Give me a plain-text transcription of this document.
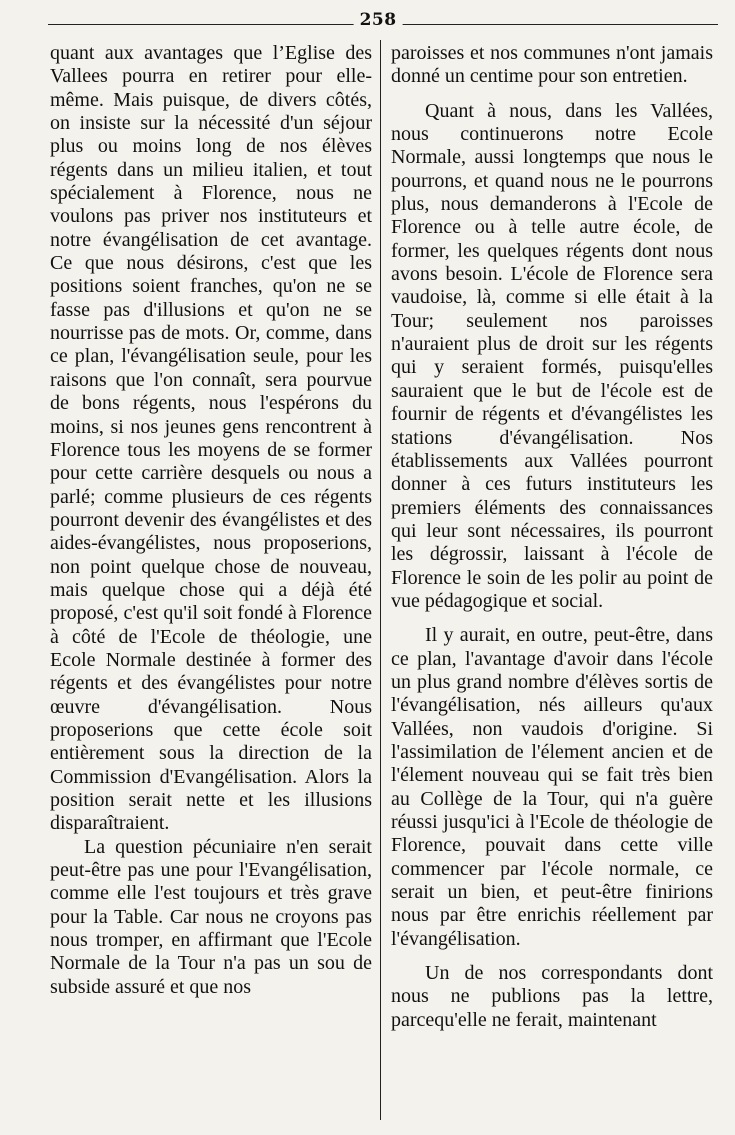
258

quant aux avantages que l’Eglise des Vallees pourra en retirer pour elle-même. Mais puisque, de divers côtés, on insiste sur la nécessité d'un séjour plus ou moins long de nos élèves régents dans un milieu italien, et tout spécialement à Florence, nous ne voulons pas priver nos instituteurs et notre évangélisation de cet avantage. Ce que nous désirons, c'est que les positions soient franches, qu'on ne se fasse pas d'illusions et qu'on ne se nourrisse pas de mots. Or, comme, dans ce plan, l'évangélisation seule, pour les raisons que l'on connaît, sera pourvue de bons régents, nous l'espérons du moins, si nos jeunes gens rencontrent à Florence tous les moyens de se former pour cette carrière desquels ou nous a parlé; comme plusieurs de ces régents pourront devenir des évangélistes et des aides-évangélistes, nous proposerions, non point quelque chose de nouveau, mais quelque chose qui a déjà été proposé, c'est qu'il soit fondé à Florence à côté de l'Ecole de théologie, une Ecole Normale destinée à former des régents et des évangélistes pour notre œuvre d'évangélisation. Nous proposerions que cette école soit entièrement sous la direction de la Commission d'Evangélisation. Alors la position serait nette et les illusions disparaîtraient.

La question pécuniaire n'en serait peut-être pas une pour l'Evangélisation, comme elle l'est toujours et très grave pour la Table. Car nous ne croyons pas nous tromper, en affirmant que l'Ecole Normale de la Tour n'a pas un sou de subside assuré et que nos

paroisses et nos communes n'ont jamais donné un centime pour son entretien.

Quant à nous, dans les Vallées, nous continuerons notre Ecole Normale, aussi longtemps que nous le pourrons, et quand nous ne le pourrons plus, nous demanderons à l'Ecole de Florence ou à telle autre école, de former, les quelques régents dont nous avons besoin. L'école de Florence sera vaudoise, là, comme si elle était à la Tour; seulement nos paroisses n'auraient plus de droit sur les régents qui y seraient formés, puisqu'elles sauraient que le but de l'école est de fournir de régents et d'évangélistes les stations d'évangélisation. Nos établissements aux Vallées pourront donner à ces futurs instituteurs les premiers éléments des connaissances qui leur sont nécessaires, ils pourront les dégrossir, laissant à l'école de Florence le soin de les polir au point de vue pédagogique et social.

Il y aurait, en outre, peut-être, dans ce plan, l'avantage d'avoir dans l'école un plus grand nombre d'élèves sortis de l'évangélisation, nés ailleurs qu'aux Vallées, non vaudois d'origine. Si l'assimilation de l'élement ancien et de l'élement nouveau qui se fait très bien au Collège de la Tour, qui n'a guère réussi jusqu'ici à l'Ecole de théologie de Florence, pouvait dans cette ville commencer par l'école normale, ce serait un bien, et peut-être finirions nous par être enrichis réellement par l'évangélisation.

Un de nos correspondants dont nous ne publions pas la lettre, parcequ'elle ne ferait, maintenant
